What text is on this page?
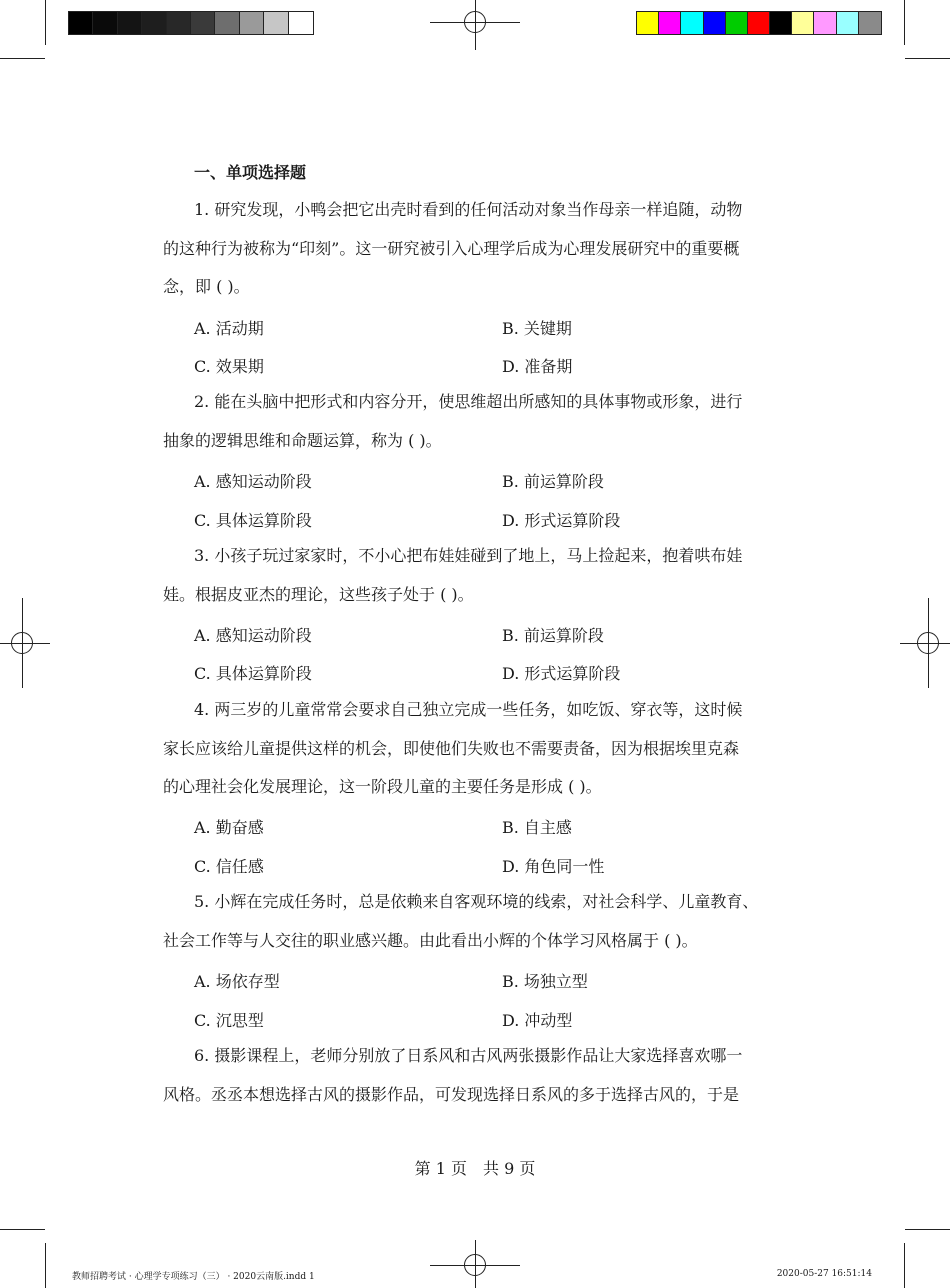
一、单项选择题
1. 研究发现，小鸭会把它出壳时看到的任何活动对象当作母亲一样追随，动物
的这种行为被称为“印刻”。这一研究被引入心理学后成为心理发展研究中的重要概
念，即 ( )。
A. 活动期	B. 关键期
C. 效果期	D. 准备期
2. 能在头脑中把形式和内容分开，使思维超出所感知的具体事物或形象，进行
抽象的逻辑思维和命题运算，称为 ( )。
A. 感知运动阶段	B. 前运算阶段
C. 具体运算阶段	D. 形式运算阶段
3. 小孩子玩过家家时，不小心把布娃娃碰到了地上，马上捡起来，抱着哄布娃
娃。根据皮亚杰的理论，这些孩子处于 ( )。
A. 感知运动阶段	B. 前运算阶段
C. 具体运算阶段	D. 形式运算阶段
4. 两三岁的儿童常常会要求自己独立完成一些任务，如吃饭、穿衣等，这时候
家长应该给儿童提供这样的机会，即使他们失败也不需要责备，因为根据埃里克森
的心理社会化发展理论，这一阶段儿童的主要任务是形成 ( )。
A. 勤奋感	B. 自主感
C. 信任感	D. 角色同一性
5. 小辉在完成任务时，总是依赖来自客观环境的线索，对社会科学、儿童教育、
社会工作等与人交往的职业感兴趣。由此看出小辉的个体学习风格属于 ( )。
A. 场依存型	B. 场独立型
C. 沉思型	D. 冲动型
6. 摄影课程上，老师分别放了日系风和古风两张摄影作品让大家选择喜欢哪一
风格。丞丞本想选择古风的摄影作品，可发现选择日系风的多于选择古风的，于是
第 1 页　共 9 页
教师招聘考试 · 心理学专项练习（三） · 2020云南版.indd 1	2020-05-27 16:51:14
